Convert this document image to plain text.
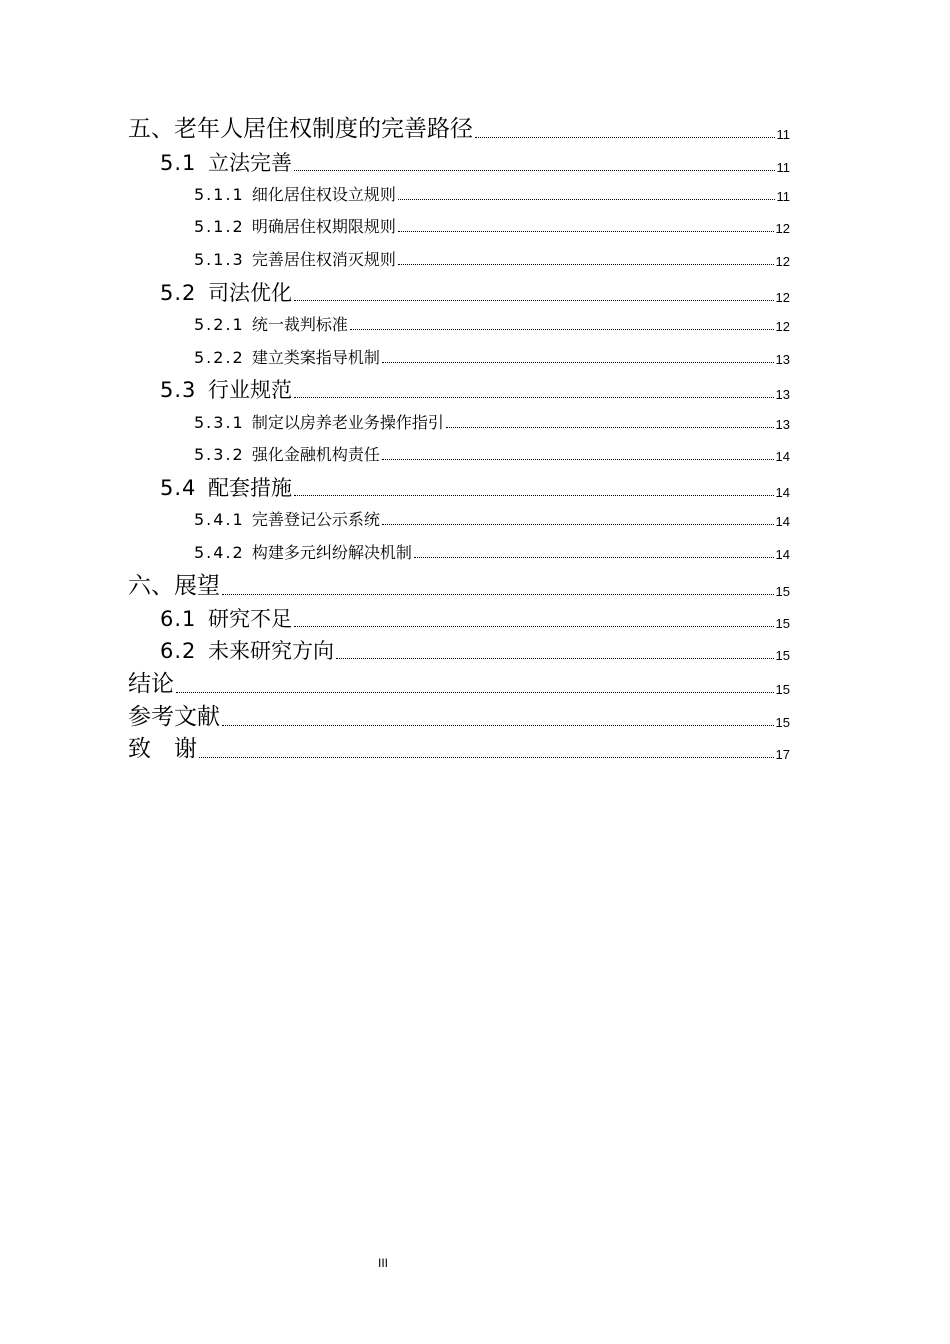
五、老年人居住权制度的完善路径	11
5.1 立法完善	11
5.1.1 细化居住权设立规则	11
5.1.2 明确居住权期限规则	12
5.1.3 完善居住权消灭规则	12
5.2 司法优化	12
5.2.1 统一裁判标准	12
5.2.2 建立类案指导机制	13
5.3 行业规范	13
5.3.1 制定以房养老业务操作指引	13
5.3.2 强化金融机构责任	14
5.4 配套措施	14
5.4.1 完善登记公示系统	14
5.4.2 构建多元纠纷解决机制	14
六、展望	15
6.1 研究不足	15
6.2 未来研究方向	15
结论	15
参考文献	15
致　谢	17
III
